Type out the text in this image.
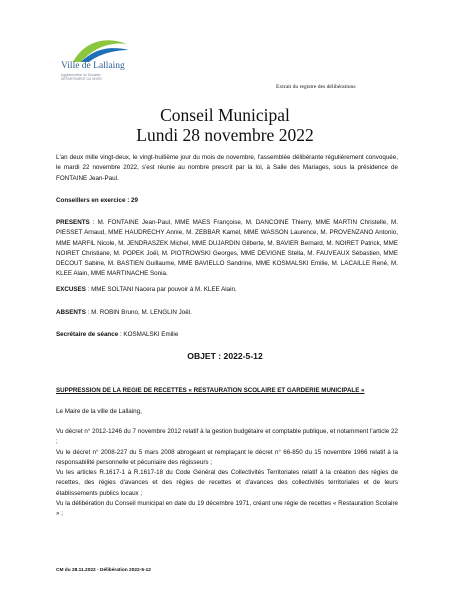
Ville de Lallaing
Agglomération du Douaisis
DÉPARTEMENT DU NORD
Extrait du registre des délibérations
Conseil Municipal
Lundi 28 novembre 2022
L'an deux mille vingt-deux, le vingt-huitième jour du mois de novembre, l'assemblée délibérante régulièrement convoquée, le mardi 22 novembre 2022, s'est réunie au nombre prescrit par la loi, à Salle des Mariages, sous la présidence de FONTAINE Jean-Paul.
Conseillers en exercice : 29
PRESENTS : M. FONTAINE Jean-Paul, MME MAES Françoise, M. DANCOINE Thierry, MME MARTIN Christelle, M. PIESSET Arnaud, MME HAUDRECHY Annie, M. ZEBBAR Kamel, MME WASSON Laurence, M. PROVENZANO Antonio, MME MARFIL Nicole, M. JENDRASZEK Michel, MME DUJARDIN Gilberte, M. BAVIER Bernard, M. NOIRET Patrick, MME NOIRET Christiane, M. POPEK Joël, M. PIOTROWSKI Georges, MME DEVIGNE Stella, M. FAUVEAUX Sébastien, MME DECOUT Sabine, M. BASTIEN Guillaume, MME BAVIELLO Sandrine, MME KOSMALSKI Emilie, M. LACAILLE René, M. KLEE Alain, MME MARTINACHE Sonia.
EXCUSES : MME SOLTANI Nacera par pouvoir à M. KLEE Alain.
ABSENTS : M. ROBIN Bruno, M. LENGLIN Joël.
Secrétaire de séance : KOSMALSKI Emilie
OBJET : 2022-5-12
SUPPRESSION DE LA REGIE DE RECETTES « RESTAURATION SCOLAIRE ET GARDERIE MUNICIPALE »
Le Maire de la ville de Lallaing,
Vu décret n° 2012-1246 du 7 novembre 2012 relatif à la gestion budgétaire et comptable publique, et notamment l'article 22 ;
Vu le décret n° 2008-227 du 5 mars 2008 abrogeant et remplaçant le décret n° 66-850 du 15 novembre 1966 relatif à la responsabilité personnelle et pécuniaire des régisseurs ;
Vu les articles R.1617-1 à R.1617-18 du Code Général des Collectivités Territoriales relatif à la création des régies de recettes, des régies d'avances et des régies de recettes et d'avances des collectivités territoriales et de leurs établissements publics locaux ;
Vu la délibération du Conseil municipal en date du 19 décembre 1971, créant une régie de recettes « Restauration Scolaire » ;
CM du 28.11.2022 - Délibération 2022-5-12
